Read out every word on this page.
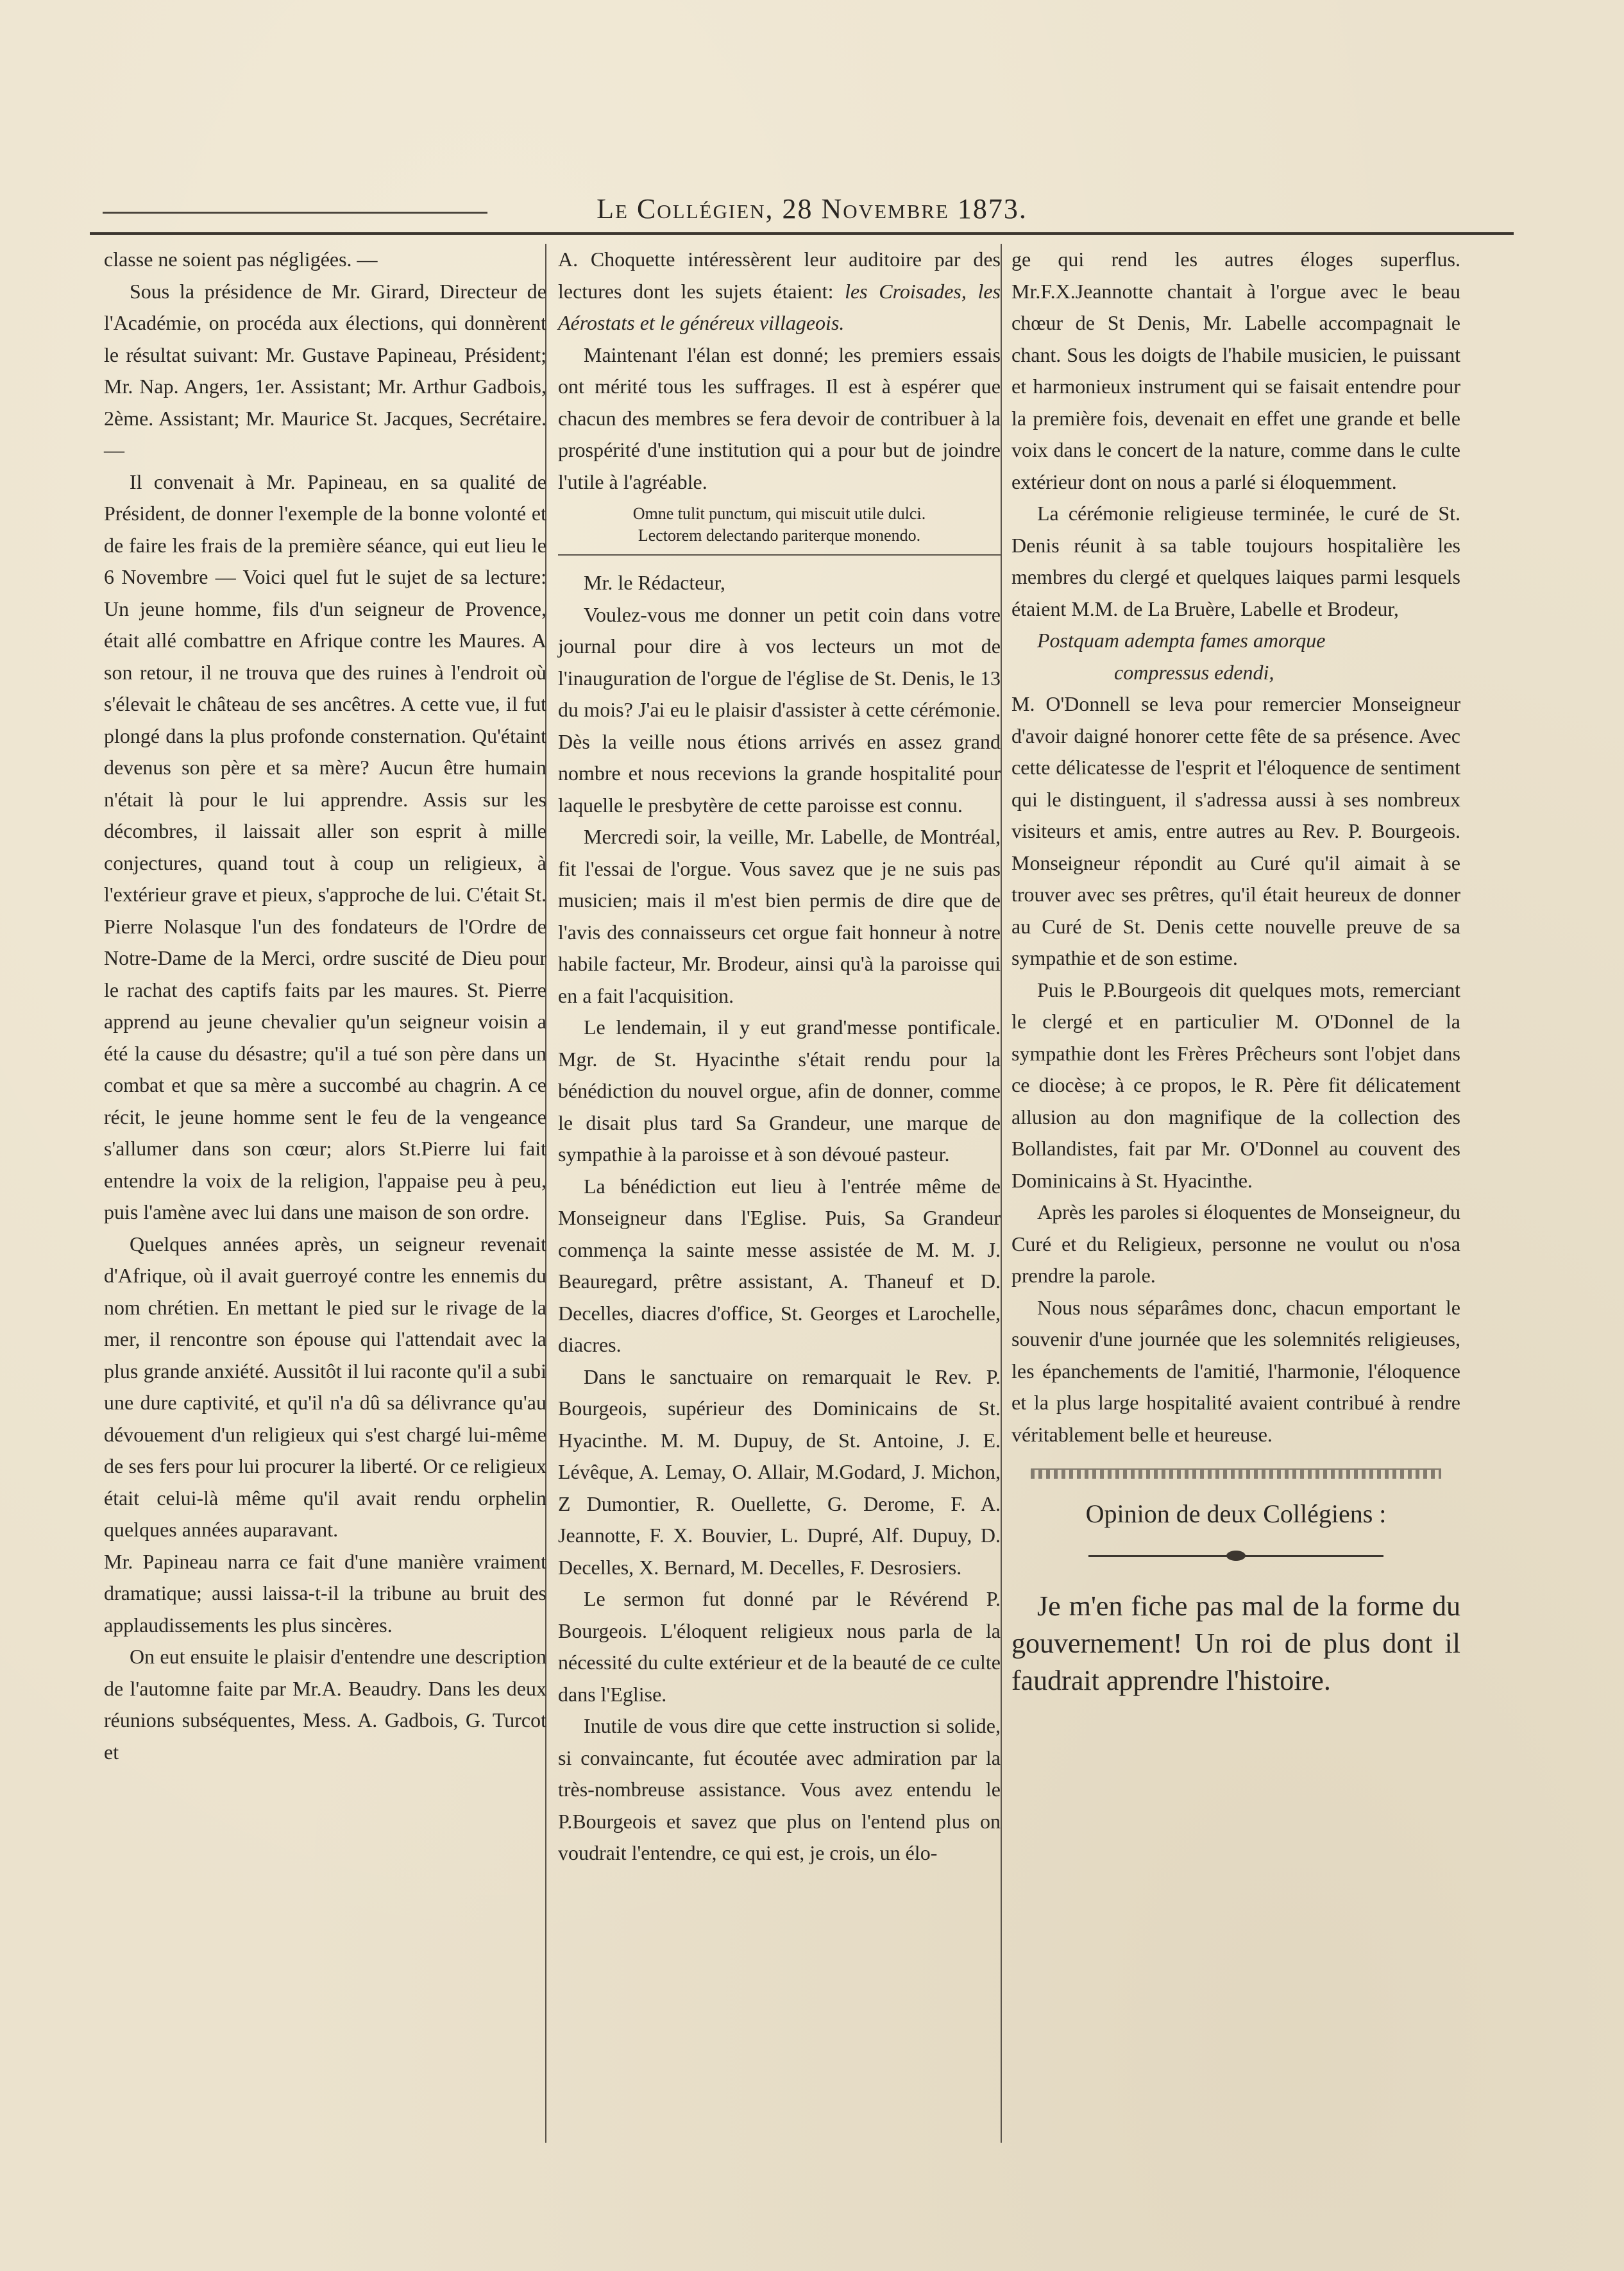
Le Collégien, 28 Novembre 1873.

classe ne soient pas négligées. —

Sous la présidence de Mr. Girard, Directeur de l'Académie, on procéda aux élections, qui donnèrent le résultat suivant: Mr. Gustave Papineau, Président; Mr. Nap. Angers, 1er. Assistant; Mr. Arthur Gadbois, 2ème. Assistant; Mr. Maurice St. Jacques, Secrétaire. —

Il convenait à Mr. Papineau, en sa qualité de Président, de donner l'exemple de la bonne volonté et de faire les frais de la première séance, qui eut lieu le 6 Novembre — Voici quel fut le sujet de sa lecture: Un jeune homme, fils d'un seigneur de Provence, était allé combattre en Afrique contre les Maures. A son retour, il ne trouva que des ruines à l'endroit où s'élevait le château de ses ancêtres. A cette vue, il fut plongé dans la plus profonde consternation. Qu'étaint devenus son père et sa mère? Aucun être humain n'était là pour le lui apprendre. Assis sur les décombres, il laissait aller son esprit à mille conjectures, quand tout à coup un religieux, à l'extérieur grave et pieux, s'approche de lui. C'était St. Pierre Nolasque l'un des fondateurs de l'Ordre de Notre-Dame de la Merci, ordre suscité de Dieu pour le rachat des captifs faits par les maures. St. Pierre apprend au jeune chevalier qu'un seigneur voisin a été la cause du désastre; qu'il a tué son père dans un combat et que sa mère a succombé au chagrin. A ce récit, le jeune homme sent le feu de la vengeance s'allumer dans son cœur; alors St.Pierre lui fait entendre la voix de la religion, l'appaise peu à peu, puis l'amène avec lui dans une maison de son ordre.

Quelques années après, un seigneur revenait d'Afrique, où il avait guerroyé contre les ennemis du nom chrétien. En mettant le pied sur le rivage de la mer, il rencontre son épouse qui l'attendait avec la plus grande anxiété. Aussitôt il lui raconte qu'il a subi une dure captivité, et qu'il n'a dû sa délivrance qu'au dévouement d'un religieux qui s'est chargé lui-même de ses fers pour lui procurer la liberté. Or ce religieux était celui-là même qu'il avait rendu orphelin quelques années auparavant.

Mr. Papineau narra ce fait d'une manière vraiment dramatique; aussi laissa-t-il la tribune au bruit des applaudissements les plus sincères.

On eut ensuite le plaisir d'entendre une description de l'automne faite par Mr.A. Beaudry. Dans les deux réunions subséquentes, Mess. A. Gadbois, G. Turcot et

A. Choquette intéressèrent leur auditoire par des lectures dont les sujets étaient: les Croisades, les Aérostats et le généreux villageois.

Maintenant l'élan est donné; les premiers essais ont mérité tous les suffrages. Il est à espérer que chacun des membres se fera devoir de contribuer à la prospérité d'une institution qui a pour but de joindre l'utile à l'agréable.

Omne tulit punctum, qui miscuit utile dulci.
Lectorem delectando pariterque monendo.

Mr. le Rédacteur,

Voulez-vous me donner un petit coin dans votre journal pour dire à vos lecteurs un mot de l'inauguration de l'orgue de l'église de St. Denis, le 13 du mois? J'ai eu le plaisir d'assister à cette cérémonie. Dès la veille nous étions arrivés en assez grand nombre et nous recevions la grande hospitalité pour laquelle le presbytère de cette paroisse est connu.

Mercredi soir, la veille, Mr. Labelle, de Montréal, fit l'essai de l'orgue. Vous savez que je ne suis pas musicien; mais il m'est bien permis de dire que de l'avis des connaisseurs cet orgue fait honneur à notre habile facteur, Mr. Brodeur, ainsi qu'à la paroisse qui en a fait l'acquisition.

Le lendemain, il y eut grand'messe pontificale. Mgr. de St. Hyacinthe s'était rendu pour la bénédiction du nouvel orgue, afin de donner, comme le disait plus tard Sa Grandeur, une marque de sympathie à la paroisse et à son dévoué pasteur.

La bénédiction eut lieu à l'entrée même de Monseigneur dans l'Eglise. Puis, Sa Grandeur commença la sainte messe assistée de M. M. J. Beauregard, prêtre assistant, A. Thaneuf et D. Decelles, diacres d'office, St. Georges et Larochelle, diacres.

Dans le sanctuaire on remarquait le Rev. P. Bourgeois, supérieur des Dominicains de St. Hyacinthe. M. M. Dupuy, de St. Antoine, J. E. Lévêque, A. Lemay, O. Allair, M.Godard, J. Michon, Z Dumontier, R. Ouellette, G. Derome, F. A. Jeannotte, F. X. Bouvier, L. Dupré, Alf. Dupuy, D. Decelles, X. Bernard, M. Decelles, F. Desrosiers.

Le sermon fut donné par le Révérend P. Bourgeois. L'éloquent religieux nous parla de la nécessité du culte extérieur et de la beauté de ce culte dans l'Eglise.

Inutile de vous dire que cette instruction si solide, si convaincante, fut écoutée avec admiration par la très-nombreuse assistance. Vous avez entendu le P.Bourgeois et savez que plus on l'entend plus on voudrait l'entendre, ce qui est, je crois, un élo-

ge qui rend les autres éloges superflus. Mr.F.X.Jeannotte chantait à l'orgue avec le beau chœur de St Denis, Mr. Labelle accompagnait le chant. Sous les doigts de l'habile musicien, le puissant et harmonieux instrument qui se faisait entendre pour la première fois, devenait en effet une grande et belle voix dans le concert de la nature, comme dans le culte extérieur dont on nous a parlé si éloquemment.

La cérémonie religieuse terminée, le curé de St. Denis réunit à sa table toujours hospitalière les membres du clergé et quelques laiques parmi lesquels étaient M.M. de La Bruère, Labelle et Brodeur,

Postquam adempta fames amorque

compressus edendi,

M. O'Donnell se leva pour remercier Monseigneur d'avoir daigné honorer cette fête de sa présence. Avec cette délicatesse de l'esprit et l'éloquence de sentiment qui le distinguent, il s'adressa aussi à ses nombreux visiteurs et amis, entre autres au Rev. P. Bourgeois. Monseigneur répondit au Curé qu'il aimait à se trouver avec ses prêtres, qu'il était heureux de donner au Curé de St. Denis cette nouvelle preuve de sa sympathie et de son estime.

Puis le P.Bourgeois dit quelques mots, remerciant le clergé et en particulier M. O'Donnel de la sympathie dont les Frères Prêcheurs sont l'objet dans ce diocèse; à ce propos, le R. Père fit délicatement allusion au don magnifique de la collection des Bollandistes, fait par Mr. O'Donnel au couvent des Dominicains à St. Hyacinthe.

Après les paroles si éloquentes de Monseigneur, du Curé et du Religieux, personne ne voulut ou n'osa prendre la parole.

Nous nous séparâmes donc, chacun emportant le souvenir d'une journée que les solemnités religieuses, les épanchements de l'amitié, l'harmonie, l'éloquence et la plus large hospitalité avaient contribué à rendre véritablement belle et heureuse.

Opinion de deux Collégiens :

Je m'en fiche pas mal de la forme du gouvernement! Un roi de plus dont il faudrait apprendre l'histoire.
